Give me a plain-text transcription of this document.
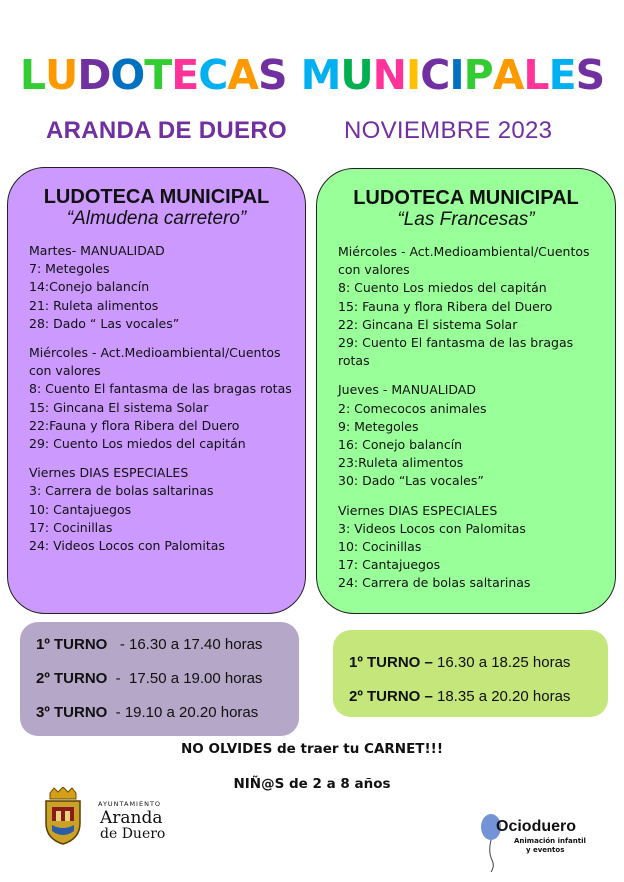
LUDOTECAS MUNICIPALES
ARANDA DE DUERO NOVIEMBRE 2023
LUDOTECA MUNICIPAL
“Almudena carretero”
Martes- MANUALIDAD
7: Metegoles
14:Conejo balancín
21: Ruleta alimentos
28: Dado “ Las vocales”
Miércoles - Act.Medioambiental/Cuentos con valores
8: Cuento El fantasma de las bragas rotas
15: Gincana El sistema Solar
22:Fauna y flora Ribera del Duero
29: Cuento Los miedos del capitán
Viernes DIAS ESPECIALES
3: Carrera de bolas saltarinas
10: Cantajuegos
17: Cocinillas
24: Videos Locos con Palomitas
LUDOTECA MUNICIPAL
“Las Francesas”
Miércoles - Act.Medioambiental/Cuentos con valores
8: Cuento Los miedos del capitán
15: Fauna y flora Ribera del Duero
22: Gincana El sistema Solar
29: Cuento El fantasma de las bragas rotas
Jueves - MANUALIDAD
2: Comecocos animales
9: Metegoles
16: Conejo balancín
23:Ruleta alimentos
30: Dado “Las vocales”
Viernes DIAS ESPECIALES
3: Videos Locos con Palomitas
10: Cocinillas
17: Cantajuegos
24: Carrera de bolas saltarinas
1º TURNO   - 16.30 a 17.40 horas
2º TURNO  -  17.50 a 19.00 horas
3º TURNO  - 19.10 a 20.20 horas
1º TURNO – 16.30 a 18.25 horas
2º TURNO – 18.35 a 20.20 horas
NO OLVIDES de traer tu CARNET!!!
NIÑ@S de 2 a 8 años
AYUNTAMIENTO
Aranda
de Duero	Ocioduero
Animación infantil
y eventos
